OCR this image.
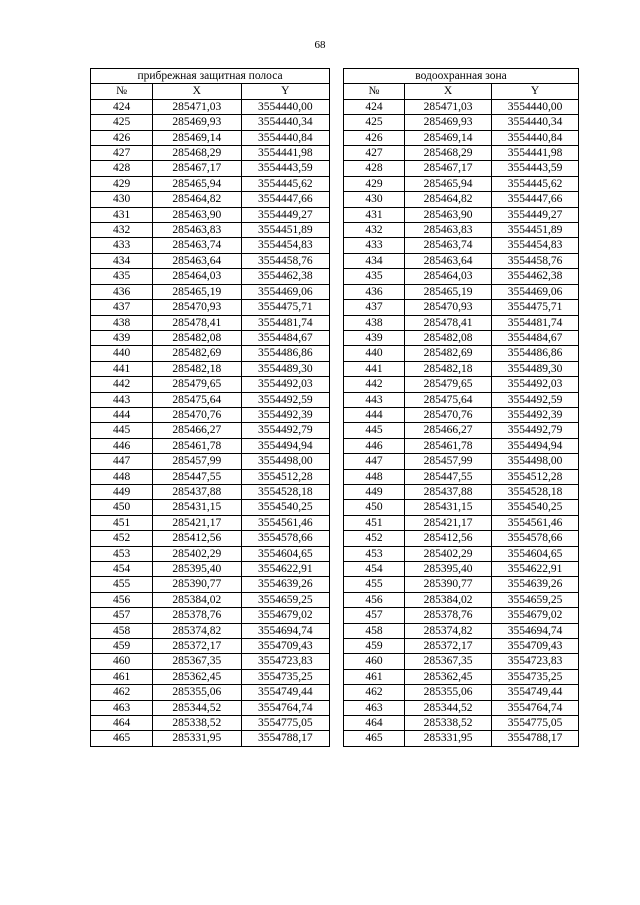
68
прибрежная защитная полоса		
№	X	Y
424	285471,03	3554440,00
425	285469,93	3554440,34
426	285469,14	3554440,84
427	285468,29	3554441,98
428	285467,17	3554443,59
429	285465,94	3554445,62
430	285464,82	3554447,66
431	285463,90	3554449,27
432	285463,83	3554451,89
433	285463,74	3554454,83
434	285463,64	3554458,76
435	285464,03	3554462,38
436	285465,19	3554469,06
437	285470,93	3554475,71
438	285478,41	3554481,74
439	285482,08	3554484,67
440	285482,69	3554486,86
441	285482,18	3554489,30
442	285479,65	3554492,03
443	285475,64	3554492,59
444	285470,76	3554492,39
445	285466,27	3554492,79
446	285461,78	3554494,94
447	285457,99	3554498,00
448	285447,55	3554512,28
449	285437,88	3554528,18
450	285431,15	3554540,25
451	285421,17	3554561,46
452	285412,56	3554578,66
453	285402,29	3554604,65
454	285395,40	3554622,91
455	285390,77	3554639,26
456	285384,02	3554659,25
457	285378,76	3554679,02
458	285374,82	3554694,74
459	285372,17	3554709,43
460	285367,35	3554723,83
461	285362,45	3554735,25
462	285355,06	3554749,44
463	285344,52	3554764,74
464	285338,52	3554775,05
465	285331,95	3554788,17
водоохранная зона		
№	X	Y
424	285471,03	3554440,00
425	285469,93	3554440,34
426	285469,14	3554440,84
427	285468,29	3554441,98
428	285467,17	3554443,59
429	285465,94	3554445,62
430	285464,82	3554447,66
431	285463,90	3554449,27
432	285463,83	3554451,89
433	285463,74	3554454,83
434	285463,64	3554458,76
435	285464,03	3554462,38
436	285465,19	3554469,06
437	285470,93	3554475,71
438	285478,41	3554481,74
439	285482,08	3554484,67
440	285482,69	3554486,86
441	285482,18	3554489,30
442	285479,65	3554492,03
443	285475,64	3554492,59
444	285470,76	3554492,39
445	285466,27	3554492,79
446	285461,78	3554494,94
447	285457,99	3554498,00
448	285447,55	3554512,28
449	285437,88	3554528,18
450	285431,15	3554540,25
451	285421,17	3554561,46
452	285412,56	3554578,66
453	285402,29	3554604,65
454	285395,40	3554622,91
455	285390,77	3554639,26
456	285384,02	3554659,25
457	285378,76	3554679,02
458	285374,82	3554694,74
459	285372,17	3554709,43
460	285367,35	3554723,83
461	285362,45	3554735,25
462	285355,06	3554749,44
463	285344,52	3554764,74
464	285338,52	3554775,05
465	285331,95	3554788,17
